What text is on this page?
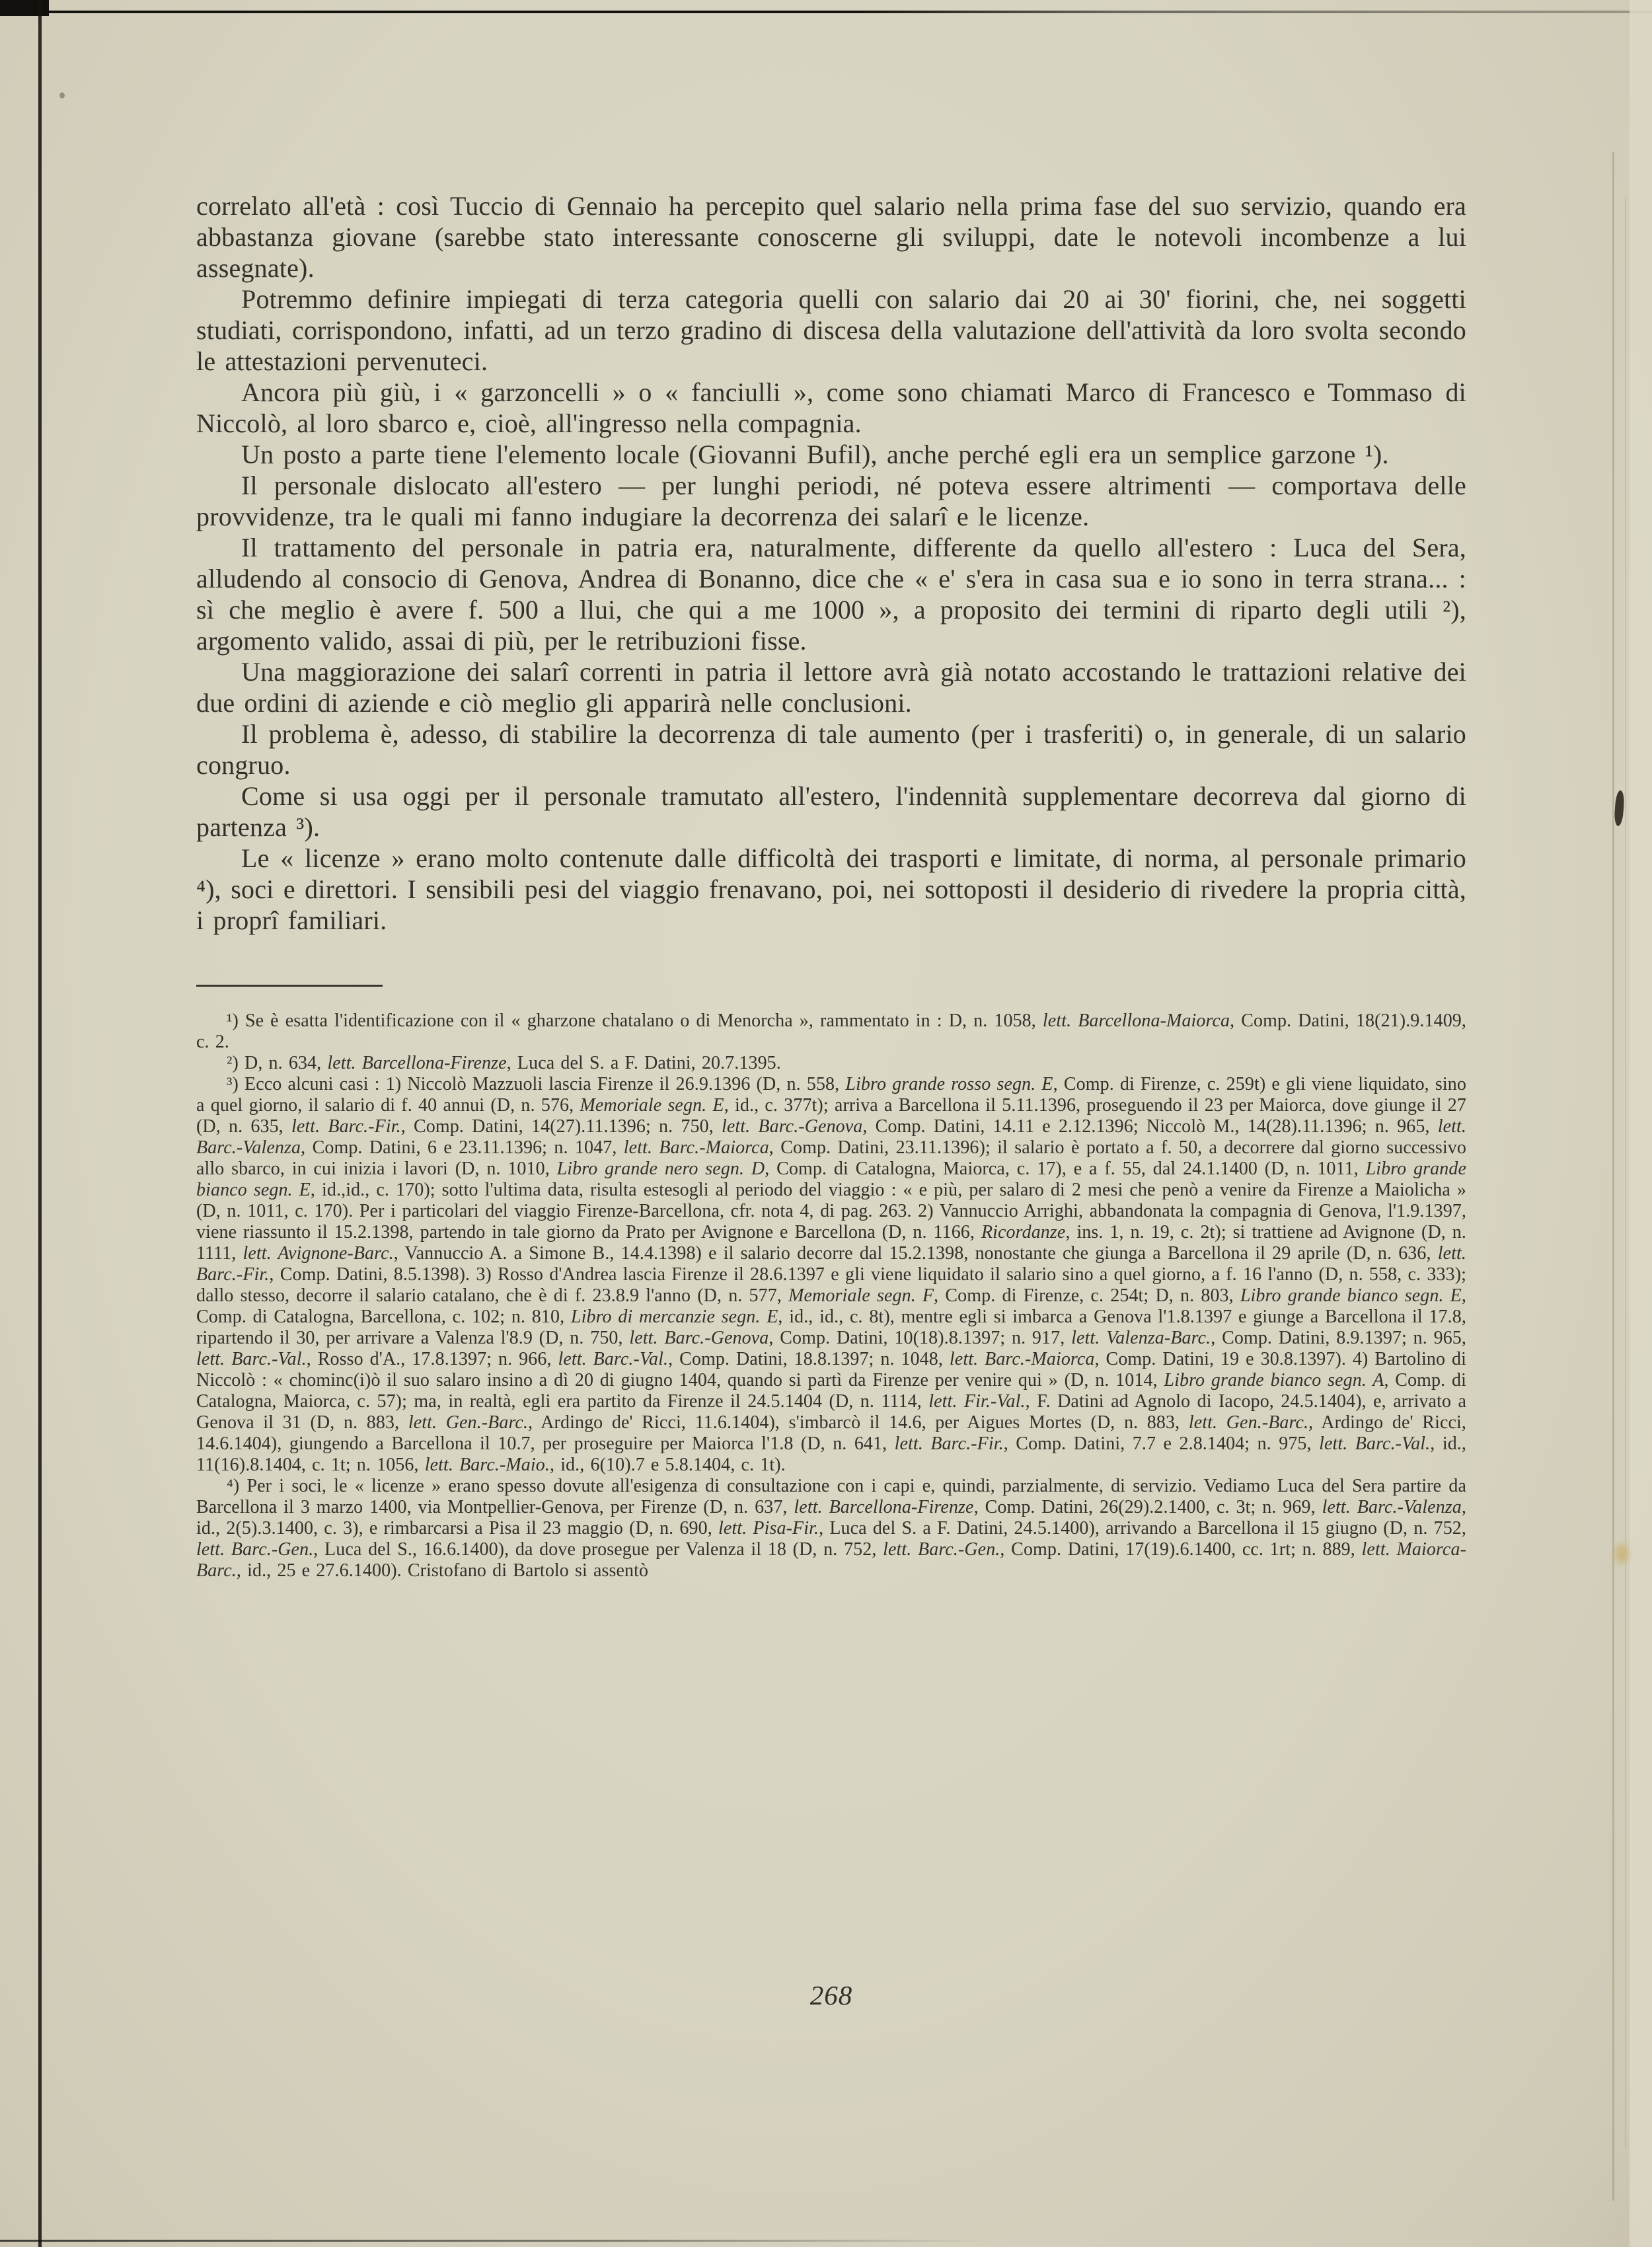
correlato all'età : così Tuccio di Gennaio ha percepito quel salario nella prima fase del suo servizio, quando era abbastanza giovane (sarebbe stato interessante conoscerne gli sviluppi, date le notevoli incombenze a lui assegnate).

Potremmo definire impiegati di terza categoria quelli con salario dai 20 ai 30' fiorini, che, nei soggetti studiati, corrispondono, infatti, ad un terzo gradino di discesa della valutazione dell'attività da loro svolta secondo le attestazioni pervenuteci.

Ancora più giù, i « garzoncelli » o « fanciulli », come sono chiamati Marco di Francesco e Tommaso di Niccolò, al loro sbarco e, cioè, all'ingresso nella compagnia.

Un posto a parte tiene l'elemento locale (Giovanni Bufil), anche perché egli era un semplice garzone ¹).

Il personale dislocato all'estero — per lunghi periodi, né poteva essere altrimenti — comportava delle provvidenze, tra le quali mi fanno indugiare la decorrenza dei salarî e le licenze.

Il trattamento del personale in patria era, naturalmente, differente da quello all'estero : Luca del Sera, alludendo al consocio di Genova, Andrea di Bonanno, dice che « e' s'era in casa sua e io sono in terra strana... : sì che meglio è avere f. 500 a llui, che qui a me 1000 », a proposito dei termini di riparto degli utili ²), argomento valido, assai di più, per le retribuzioni fisse.

Una maggiorazione dei salarî correnti in patria il lettore avrà già notato accostando le trattazioni relative dei due ordini di aziende e ciò meglio gli apparirà nelle conclusioni.

Il problema è, adesso, di stabilire la decorrenza di tale aumento (per i trasferiti) o, in generale, di un salario congruo.

Come si usa oggi per il personale tramutato all'estero, l'indennità supplementare decorreva dal giorno di partenza ³).

Le « licenze » erano molto contenute dalle difficoltà dei trasporti e limitate, di norma, al personale primario ⁴), soci e direttori. I sensibili pesi del viaggio frenavano, poi, nei sottoposti il desiderio di rivedere la propria città, i proprî familiari.

¹) Se è esatta l'identificazione con il « gharzone chatalano o di Menorcha », rammentato in : D, n. 1058, lett. Barcellona-Maiorca, Comp. Datini, 18(21).9.1409, c. 2.

²) D, n. 634, lett. Barcellona-Firenze, Luca del S. a F. Datini, 20.7.1395.

³) Ecco alcuni casi : 1) Niccolò Mazzuoli lascia Firenze il 26.9.1396 (D, n. 558, Libro grande rosso segn. E, Comp. di Firenze, c. 259t) e gli viene liquidato, sino a quel giorno, il salario di f. 40 annui (D, n. 576, Memoriale segn. E, id., c. 377t); arriva a Barcellona il 5.11.1396, proseguendo il 23 per Maiorca, dove giunge il 27 (D, n. 635, lett. Barc.-Fir., Comp. Datini, 14(27).11.1396; n. 750, lett. Barc.-Genova, Comp. Datini, 14.11 e 2.12.1396; Niccolò M., 14(28).11.1396; n. 965, lett. Barc.-Valenza, Comp. Datini, 6 e 23.11.1396; n. 1047, lett. Barc.-Maiorca, Comp. Datini, 23.11.1396); il salario è portato a f. 50, a decorrere dal giorno successivo allo sbarco, in cui inizia i lavori (D, n. 1010, Libro grande nero segn. D, Comp. di Catalogna, Maiorca, c. 17), e a f. 55, dal 24.1.1400 (D, n. 1011, Libro grande bianco segn. E, id.,id., c. 170); sotto l'ultima data, risulta estesogli al periodo del viaggio : « e più, per salaro di 2 mesi che penò a venire da Firenze a Maiolicha » (D, n. 1011, c. 170). Per i particolari del viaggio Firenze-Barcellona, cfr. nota 4, di pag. 263. 2) Vannuccio Arrighi, abbandonata la compagnia di Genova, l'1.9.1397, viene riassunto il 15.2.1398, partendo in tale giorno da Prato per Avignone e Barcellona (D, n. 1166, Ricordanze, ins. 1, n. 19, c. 2t); si trattiene ad Avignone (D, n. 1111, lett. Avignone-Barc., Vannuccio A. a Simone B., 14.4.1398) e il salario decorre dal 15.2.1398, nonostante che giunga a Barcellona il 29 aprile (D, n. 636, lett. Barc.-Fir., Comp. Datini, 8.5.1398). 3) Rosso d'Andrea lascia Firenze il 28.6.1397 e gli viene liquidato il salario sino a quel giorno, a f. 16 l'anno (D, n. 558, c. 333); dallo stesso, decorre il salario catalano, che è di f. 23.8.9 l'anno (D, n. 577, Memoriale segn. F, Comp. di Firenze, c. 254t; D, n. 803, Libro grande bianco segn. E, Comp. di Catalogna, Barcellona, c. 102; n. 810, Libro di mercanzie segn. E, id., id., c. 8t), mentre egli si imbarca a Genova l'1.8.1397 e giunge a Barcellona il 17.8, ripartendo il 30, per arrivare a Valenza l'8.9 (D, n. 750, lett. Barc.-Genova, Comp. Datini, 10(18).8.1397; n. 917, lett. Valenza-Barc., Comp. Datini, 8.9.1397; n. 965, lett. Barc.-Val., Rosso d'A., 17.8.1397; n. 966, lett. Barc.-Val., Comp. Datini, 18.8.1397; n. 1048, lett. Barc.-Maiorca, Comp. Datini, 19 e 30.8.1397). 4) Bartolino di Niccolò : « chominc(i)ò il suo salaro insino a dì 20 di giugno 1404, quando si partì da Firenze per venire qui » (D, n. 1014, Libro grande bianco segn. A, Comp. di Catalogna, Maiorca, c. 57); ma, in realtà, egli era partito da Firenze il 24.5.1404 (D, n. 1114, lett. Fir.-Val., F. Datini ad Agnolo di Iacopo, 24.5.1404), e, arrivato a Genova il 31 (D, n. 883, lett. Gen.-Barc., Ardingo de' Ricci, 11.6.1404), s'imbarcò il 14.6, per Aigues Mortes (D, n. 883, lett. Gen.-Barc., Ardingo de' Ricci, 14.6.1404), giungendo a Barcellona il 10.7, per proseguire per Maiorca l'1.8 (D, n. 641, lett. Barc.-Fir., Comp. Datini, 7.7 e 2.8.1404; n. 975, lett. Barc.-Val., id., 11(16).8.1404, c. 1t; n. 1056, lett. Barc.-Maio., id., 6(10).7 e 5.8.1404, c. 1t).

⁴) Per i soci, le « licenze » erano spesso dovute all'esigenza di consultazione con i capi e, quindi, parzialmente, di servizio. Vediamo Luca del Sera partire da Barcellona il 3 marzo 1400, via Montpellier-Genova, per Firenze (D, n. 637, lett. Barcellona-Firenze, Comp. Datini, 26(29).2.1400, c. 3t; n. 969, lett. Barc.-Valenza, id., 2(5).3.1400, c. 3), e rimbarcarsi a Pisa il 23 maggio (D, n. 690, lett. Pisa-Fir., Luca del S. a F. Datini, 24.5.1400), arrivando a Barcellona il 15 giugno (D, n. 752, lett. Barc.-Gen., Luca del S., 16.6.1400), da dove prosegue per Valenza il 18 (D, n. 752, lett. Barc.-Gen., Comp. Datini, 17(19).6.1400, cc. 1rt; n. 889, lett. Maiorca-Barc., id., 25 e 27.6.1400). Cristofano di Bartolo si assentò

268
